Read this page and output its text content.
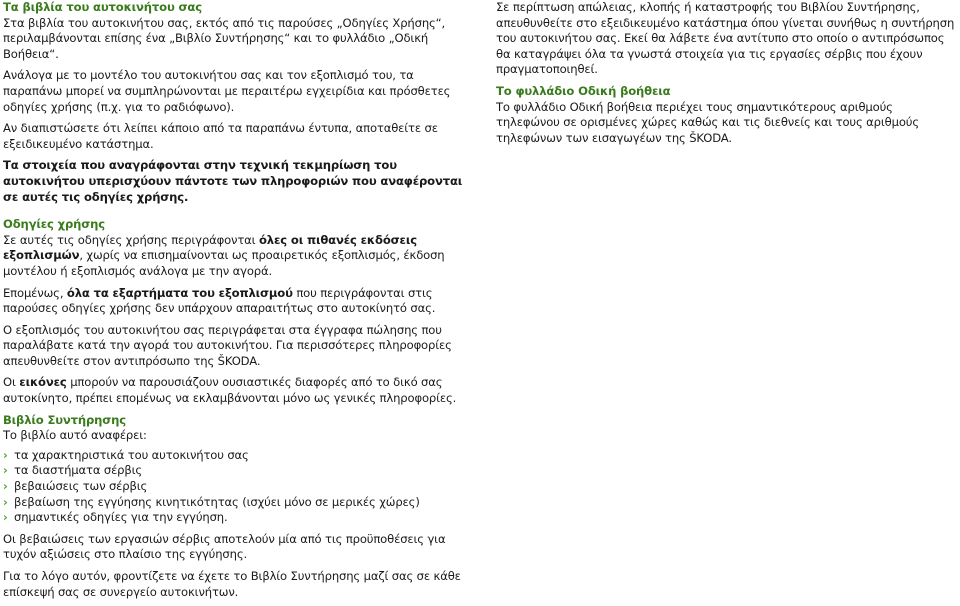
Τα βιβλία του αυτοκινήτου σας
Στα βιβλία του αυτοκινήτου σας, εκτός από τις παρούσες „Οδηγίες Χρήσης“, περιλαμβάνονται επίσης ένα „Βιβλίο Συντήρησης“ και το φυλλάδιο „Οδική Βοήθεια“.

Ανάλογα με το μοντέλο του αυτοκινήτου σας και τον εξοπλισμό του, τα παραπάνω μπορεί να συμπληρώνονται με περαιτέρω εγχειρίδια και πρόσθετες οδηγίες χρήσης (π.χ. για το ραδιόφωνο).

Αν διαπιστώσετε ότι λείπει κάποιο από τα παραπάνω έντυπα, αποταθείτε σε εξειδικευμένο κατάστημα.

Τα στοιχεία που αναγράφονται στην τεχνική τεκμηρίωση του αυτοκινήτου υπερισχύουν πάντοτε των πληροφοριών που αναφέρονται σε αυτές τις οδηγίες χρήσης.

Οδηγίες χρήσης
Σε αυτές τις οδηγίες χρήσης περιγράφονται όλες οι πιθανές εκδόσεις εξοπλισμών, χωρίς να επισημαίνονται ως προαιρετικός εξοπλισμός, έκδοση μοντέλου ή εξοπλισμός ανάλογα με την αγορά.

Επομένως, όλα τα εξαρτήματα του εξοπλισμού που περιγράφονται στις παρούσες οδηγίες χρήσης δεν υπάρχουν απαραιτήτως στο αυτοκίνητό σας.

Ο εξοπλισμός του αυτοκινήτου σας περιγράφεται στα έγγραφα πώλησης που παραλάβατε κατά την αγορά του αυτοκινήτου. Για περισσότερες πληροφορίες απευθυνθείτε στον αντιπρόσωπο της ŠKODA.

Οι εικόνες μπορούν να παρουσιάζουν ουσιαστικές διαφορές από το δικό σας αυτοκίνητο, πρέπει επομένως να εκλαμβάνονται μόνο ως γενικές πληροφορίες.

Βιβλίο Συντήρησης
Το βιβλίο αυτό αναφέρει:

› τα χαρακτηριστικά του αυτοκινήτου σας
› τα διαστήματα σέρβις
› βεβαιώσεις των σέρβις
› βεβαίωση της εγγύησης κινητικότητας (ισχύει μόνο σε μερικές χώρες)
› σημαντικές οδηγίες για την εγγύηση.

Οι βεβαιώσεις των εργασιών σέρβις αποτελούν μία από τις προϋποθέσεις για τυχόν αξιώσεις στο πλαίσιο της εγγύησης.

Για το λόγο αυτόν, φροντίζετε να έχετε το Βιβλίο Συντήρησης μαζί σας σε κάθε επίσκεψή σας σε συνεργείο αυτοκινήτων.

Σε περίπτωση απώλειας, κλοπής ή καταστροφής του Βιβλίου Συντήρησης, απευθυνθείτε στο εξειδικευμένο κατάστημα όπου γίνεται συνήθως η συντήρηση του αυτοκινήτου σας. Εκεί θα λάβετε ένα αντίτυπο στο οποίο ο αντιπρόσωπος θα καταγράψει όλα τα γνωστά στοιχεία για τις εργασίες σέρβις που έχουν πραγματοποιηθεί.

Το φυλλάδιο Οδική βοήθεια
Το φυλλάδιο Οδική βοήθεια περιέχει τους σημαντικότερους αριθμούς τηλεφώνου σε ορισμένες χώρες καθώς και τις διεθνείς και τους αριθμούς τηλεφώνων των εισαγωγέων της ŠKODA.
